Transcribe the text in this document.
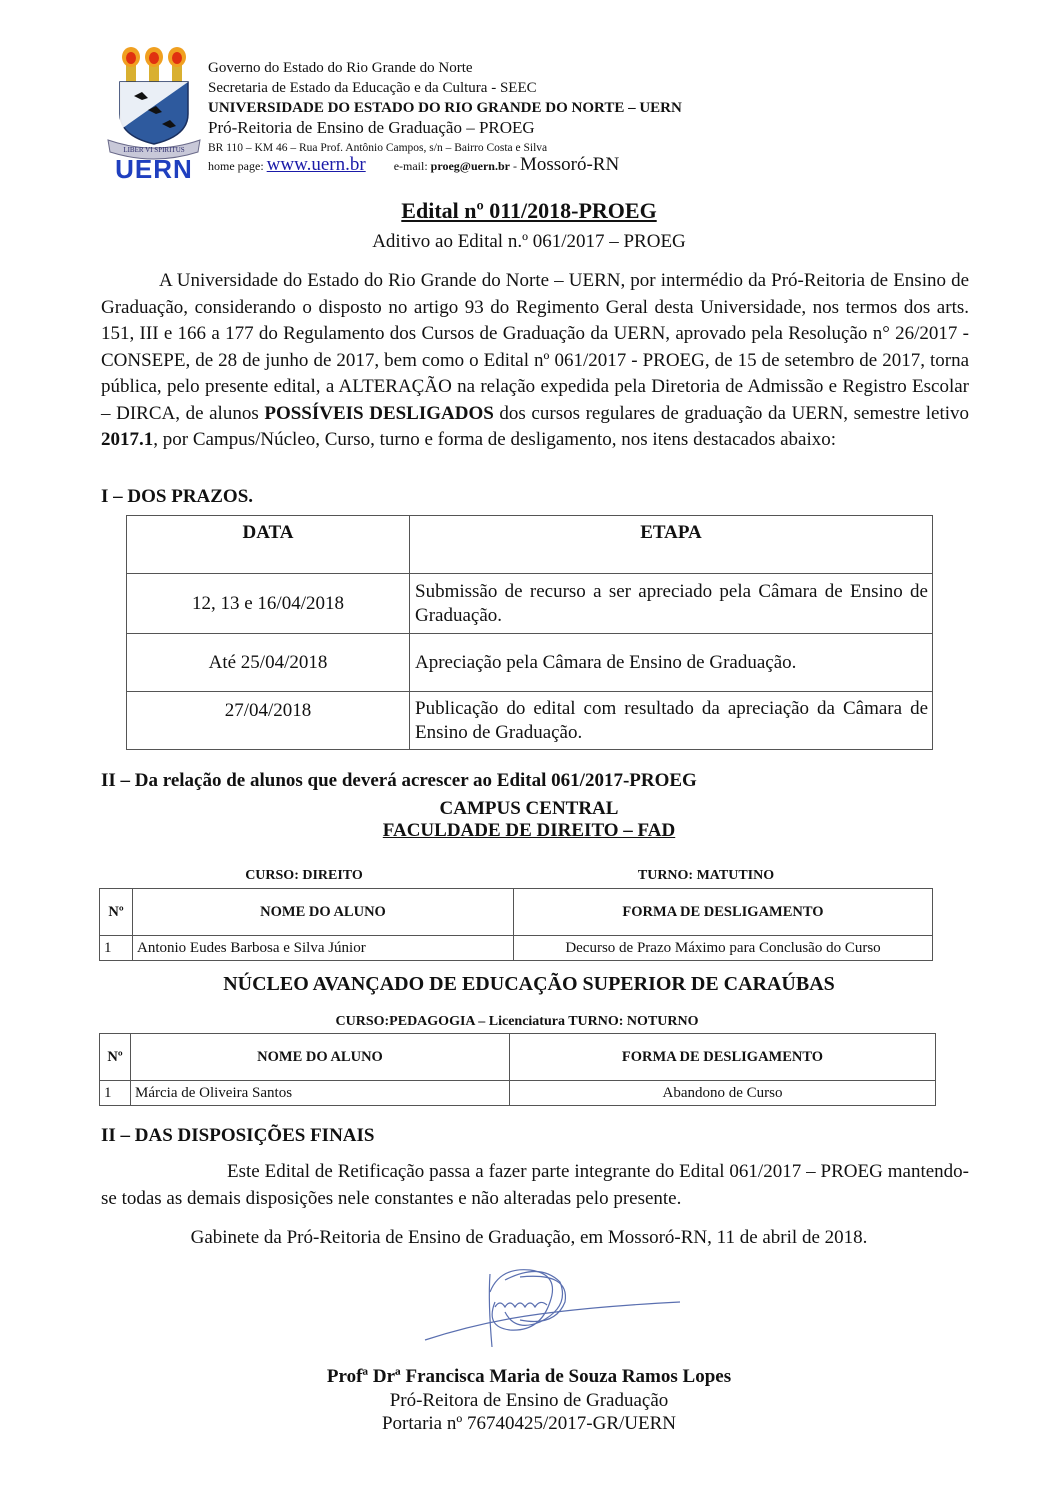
LIBER VI SPIRITUS
UERN
Governo do Estado do Rio Grande do Norte
Secretaria de Estado da Educação e da Cultura - SEEC
UNIVERSIDADE DO ESTADO DO RIO GRANDE DO NORTE – UERN
Pró-Reitoria de Ensino de Graduação – PROEG
BR 110 – KM 46 – Rua Prof. Antônio Campos, s/n – Bairro Costa e Silva
home page: www.uern.br e-mail: proeg@uern.br - Mossoró-RN
Edital nº 011/2018-PROEG
Aditivo ao Edital n.º 061/2017 – PROEG
A Universidade do Estado do Rio Grande do Norte – UERN, por intermédio da Pró-Reitoria de Ensino de Graduação, considerando o disposto no artigo 93 do Regimento Geral desta Universidade, nos termos dos arts. 151, III e 166 a 177 do Regulamento dos Cursos de Graduação da UERN, aprovado pela Resolução n° 26/2017 - CONSEPE, de 28 de junho de 2017, bem como o Edital nº 061/2017 - PROEG, de 15 de setembro de 2017, torna pública, pelo presente edital, a ALTERAÇÃO na relação expedida pela Diretoria de Admissão e Registro Escolar – DIRCA, de alunos POSSÍVEIS DESLIGADOS dos cursos regulares de graduação da UERN, semestre letivo 2017.1, por Campus/Núcleo, Curso, turno e forma de desligamento, nos itens destacados abaixo:
I – DOS PRAZOS.
DATA	ETAPA
12, 13 e 16/04/2018	Submissão de recurso a ser apreciado pela Câmara de Ensino de Graduação.
Até 25/04/2018	Apreciação pela Câmara de Ensino de Graduação.
27/04/2018	Publicação do edital com resultado da apreciação da Câmara de Ensino de Graduação.
II – Da relação de alunos que deverá acrescer ao Edital 061/2017-PROEG
CAMPUS CENTRAL
FACULDADE DE DIREITO – FAD
CURSO: DIREITO	TURNO: MATUTINO
Nº	NOME DO ALUNO	FORMA DE DESLIGAMENTO
1	Antonio Eudes Barbosa e Silva Júnior	Decurso de Prazo Máximo para Conclusão do Curso
NÚCLEO AVANÇADO DE EDUCAÇÃO SUPERIOR DE CARAÚBAS
CURSO:PEDAGOGIA – Licenciatura TURNO: NOTURNO
Nº	NOME DO ALUNO	FORMA DE DESLIGAMENTO
1	Márcia de Oliveira Santos	Abandono de Curso
II – DAS DISPOSIÇÕES FINAIS
Este Edital de Retificação passa a fazer parte integrante do Edital 061/2017 – PROEG mantendo-se todas as demais disposições nele constantes e não alteradas pelo presente.
Gabinete da Pró-Reitoria de Ensino de Graduação, em Mossoró-RN, 11 de abril de 2018.
Profª Drª Francisca Maria de Souza Ramos Lopes
Pró-Reitora de Ensino de Graduação
Portaria nº 76740425/2017-GR/UERN
